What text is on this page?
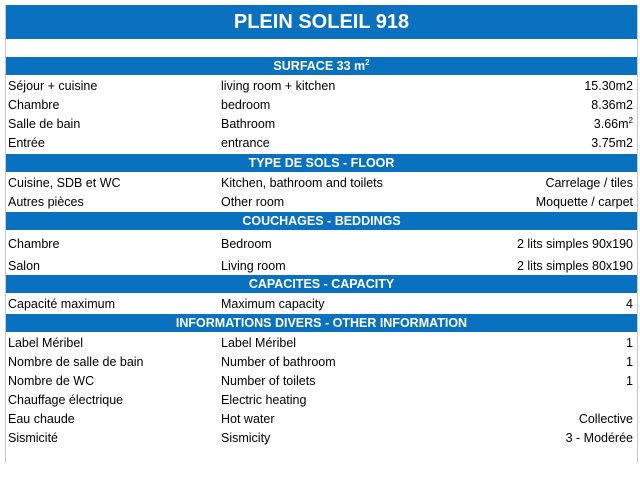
PLEIN SOLEIL 918
SURFACE 33 $m^2$
Séjour + cuisine	living room + kitchen	15.30m2
Chambre	bedroom	8.36m2
Salle de bain	Bathroom	$3.66m^2$
Entrée	entrance	3.75m2
TYPE DE SOLS - FLOOR
Cuisine, SDB et WC	Kitchen, bathroom and toilets	Carrelage / tiles
Autres pièces	Other room	Moquette / carpet
COUCHAGES - BEDDINGS
Chambre	Bedroom	2 lits simples 90x190
Salon	Living room	2 lits simples 80x190
CAPACITES - CAPACITY
Capacité maximum	Maximum capacity	4
INFORMATIONS DIVERS - OTHER INFORMATION
Label Méribel	Label Méribel	1
Nombre de salle de bain	Number of bathroom	1
Nombre de WC	Number of toilets	1
Chauffage électrique	Electric heating
Eau chaude	Hot water	Collective
Sismicité	Sismicity	3 - Modérée
